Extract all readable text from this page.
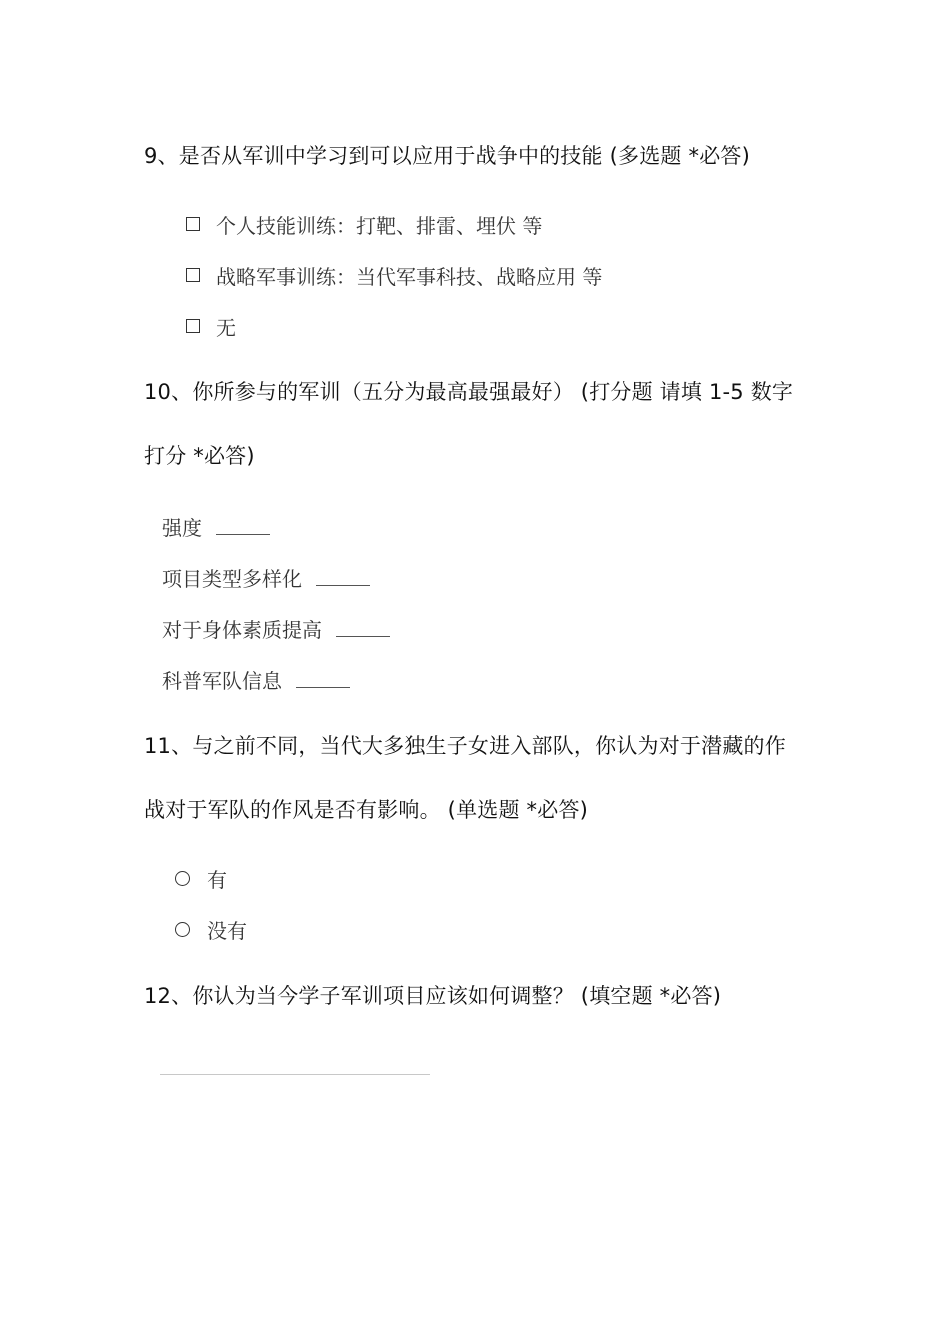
9、是否从军训中学习到可以应用于战争中的技能 (多选题 *必答)
个人技能训练：打靶、排雷、埋伏 等
战略军事训练：当代军事科技、战略应用 等
无
10、你所参与的军训（五分为最高最强最好） (打分题 请填 1-5 数字打分 *必答)
强度
项目类型多样化
对于身体素质提高
科普军队信息
11、与之前不同，当代大多独生子女进入部队，你认为对于潜藏的作战对于军队的作风是否有影响。 (单选题 *必答)
有
没有
12、你认为当今学子军训项目应该如何调整？ (填空题 *必答)
